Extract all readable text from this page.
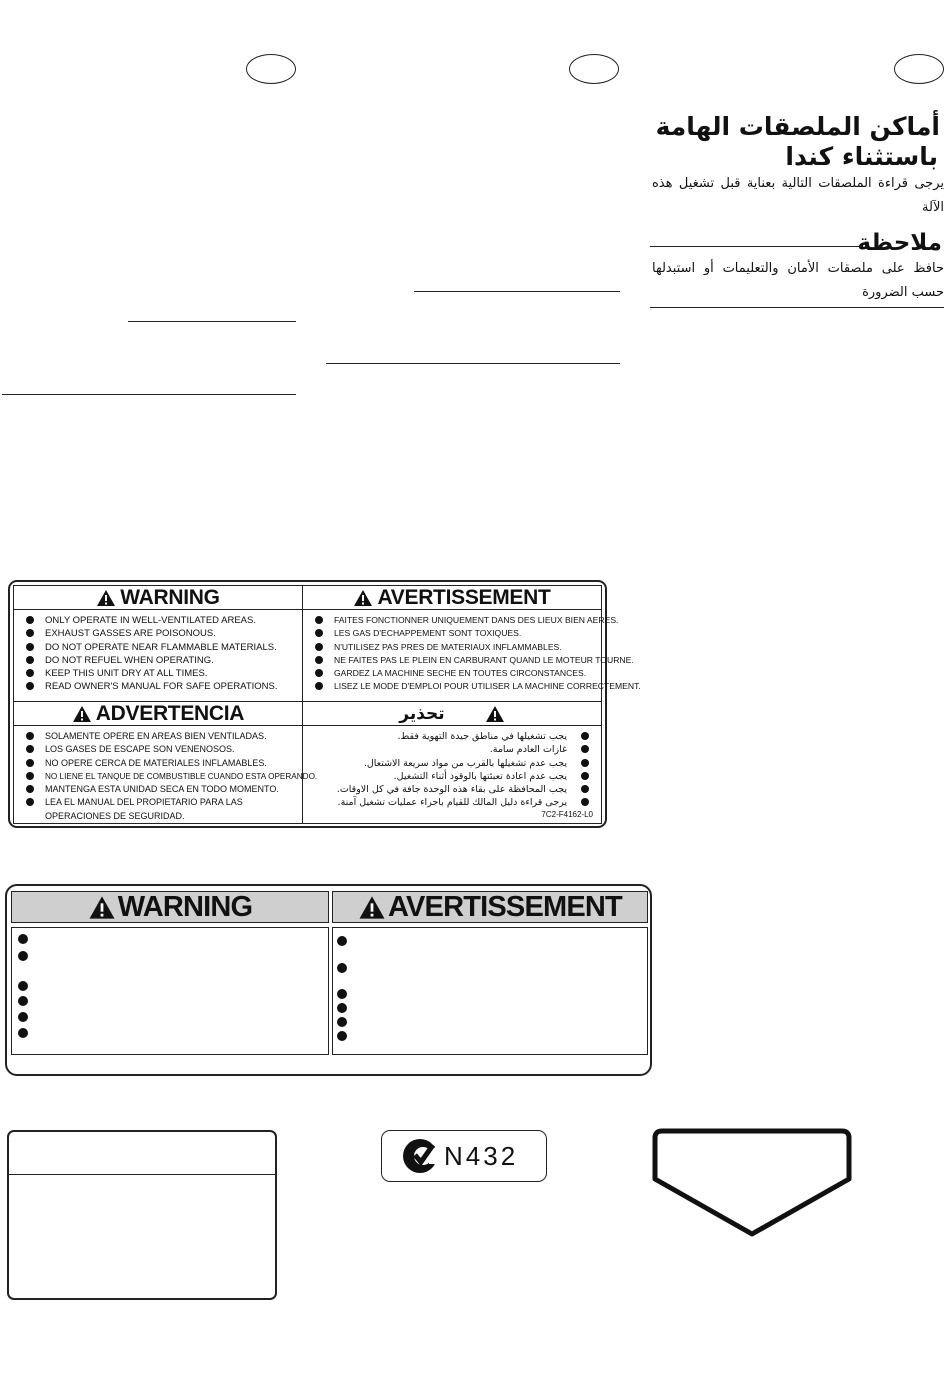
أماكن الملصقات الهامة
باستثناء كندا
يرجى قراءة الملصقات التالية بعناية قبل تشغيل هذه الآلة
ملاحظة
حافظ على ملصقات الأمان والتعليمات أو استبدلها حسب الضرورة
WARNING
ONLY OPERATE IN WELL-VENTILATED AREAS.
EXHAUST GASSES ARE POISONOUS.
DO NOT OPERATE NEAR FLAMMABLE MATERIALS.
DO NOT REFUEL WHEN OPERATING.
KEEP THIS UNIT DRY AT ALL TIMES.
READ OWNER'S MANUAL FOR SAFE OPERATIONS.
AVERTISSEMENT
FAITES FONCTIONNER UNIQUEMENT DANS DES LIEUX BIEN AERES.
LES GAS D'ECHAPPEMENT SONT TOXIQUES.
N'UTILISEZ PAS PRES DE MATERIAUX INFLAMMABLES.
NE FAITES PAS LE PLEIN EN CARBURANT QUAND LE MOTEUR TOURNE.
GARDEZ LA MACHINE SECHE EN TOUTES CIRCONSTANCES.
LISEZ LE MODE D'EMPLOI POUR UTILISER LA MACHINE CORRECTEMENT.
ADVERTENCIA
SOLAMENTE OPERE EN AREAS BIEN VENTILADAS.
LOS GASES DE ESCAPE SON VENENOSOS.
NO OPERE CERCA DE MATERIALES INFLAMABLES.
NO LIENE EL TANQUE DE COMBUSTIBLE CUANDO ESTA OPERANDO.
MANTENGA ESTA UNIDAD SECA EN TODO MOMENTO.
LEA EL MANUAL DEL PROPIETARIO PARA LAS OPERACIONES DE SEGURIDAD.
تحذير
يجب تشغيلها في مناطق جيدة التهوية فقط.
غازات العادم سامة.
يجب عدم تشغيلها بالقرب من مواد سريعة الاشتعال.
يجب عدم اعادة تعبئتها بالوقود أثناء التشغيل.
يجب المحافظة على بقاء هذه الوحدة جافة في كل الاوقات.
يرجى قراءة دليل المالك للقيام باجراء عمليات تشغيل آمنة.
7C2-F4162-L0
WARNING	AVERTISSEMENT
N432
